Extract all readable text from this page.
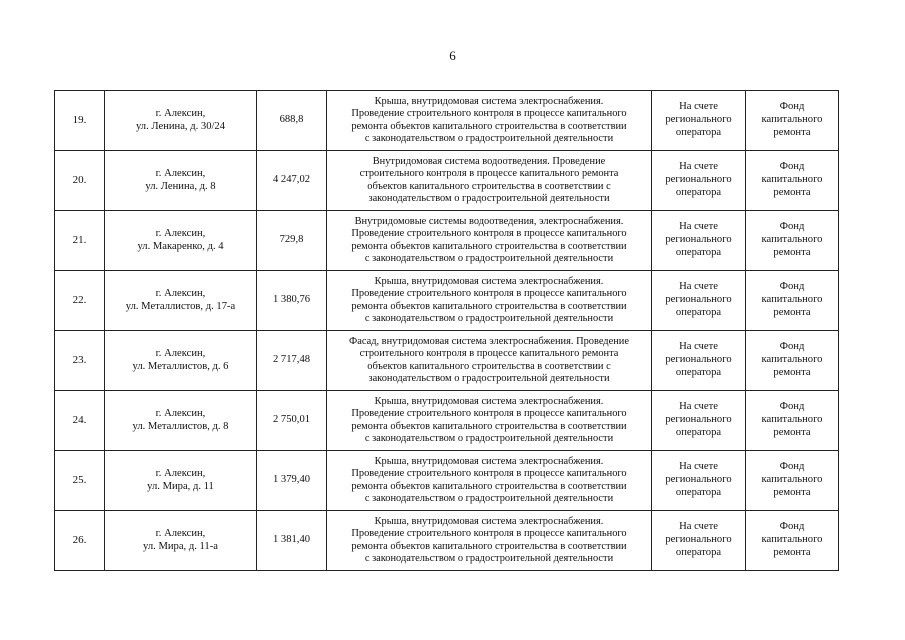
6
19.	г. Алексин,
ул. Ленина, д. 30/24	688,8	Крыша, внутридомовая система электроснабжения.
Проведение строительного контроля в процессе капитального
ремонта объектов капитального строительства в соответствии
с законодательством о градостроительной деятельности	На счете регионального оператора	Фонд капитального ремонта
20.	г. Алексин,
ул. Ленина, д. 8	4 247,02	Внутридомовая система водоотведения. Проведение
строительного контроля в процессе капитального ремонта
объектов капитального строительства в соответствии с
законодательством о градостроительной деятельности	На счете регионального оператора	Фонд капитального ремонта
21.	г. Алексин,
ул. Макаренко, д. 4	729,8	Внутридомовые системы водоотведения, электроснабжения.
Проведение строительного контроля в процессе капитального
ремонта объектов капитального строительства в соответствии
с законодательством о градостроительной деятельности	На счете регионального оператора	Фонд капитального ремонта
22.	г. Алексин,
ул. Металлистов, д. 17-а	1 380,76	Крыша, внутридомовая система электроснабжения.
Проведение строительного контроля в процессе капитального
ремонта объектов капитального строительства в соответствии
с законодательством о градостроительной деятельности	На счете регионального оператора	Фонд капитального ремонта
23.	г. Алексин,
ул. Металлистов, д. 6	2 717,48	Фасад, внутридомовая система электроснабжения. Проведение
строительного контроля в процессе капитального ремонта
объектов капитального строительства в соответствии с
законодательством о градостроительной деятельности	На счете регионального оператора	Фонд капитального ремонта
24.	г. Алексин,
ул. Металлистов, д. 8	2 750,01	Крыша, внутридомовая система электроснабжения.
Проведение строительного контроля в процессе капитального
ремонта объектов капитального строительства в соответствии
с законодательством о градостроительной деятельности	На счете регионального оператора	Фонд капитального ремонта
25.	г. Алексин,
ул. Мира, д. 11	1 379,40	Крыша, внутридомовая система электроснабжения.
Проведение строительного контроля в процессе капитального
ремонта объектов капитального строительства в соответствии
с законодательством о градостроительной деятельности	На счете регионального оператора	Фонд капитального ремонта
26.	г. Алексин,
ул. Мира, д. 11-а	1 381,40	Крыша, внутридомовая система электроснабжения.
Проведение строительного контроля в процессе капитального
ремонта объектов капитального строительства в соответствии
с законодательством о градостроительной деятельности	На счете регионального оператора	Фонд капитального ремонта
